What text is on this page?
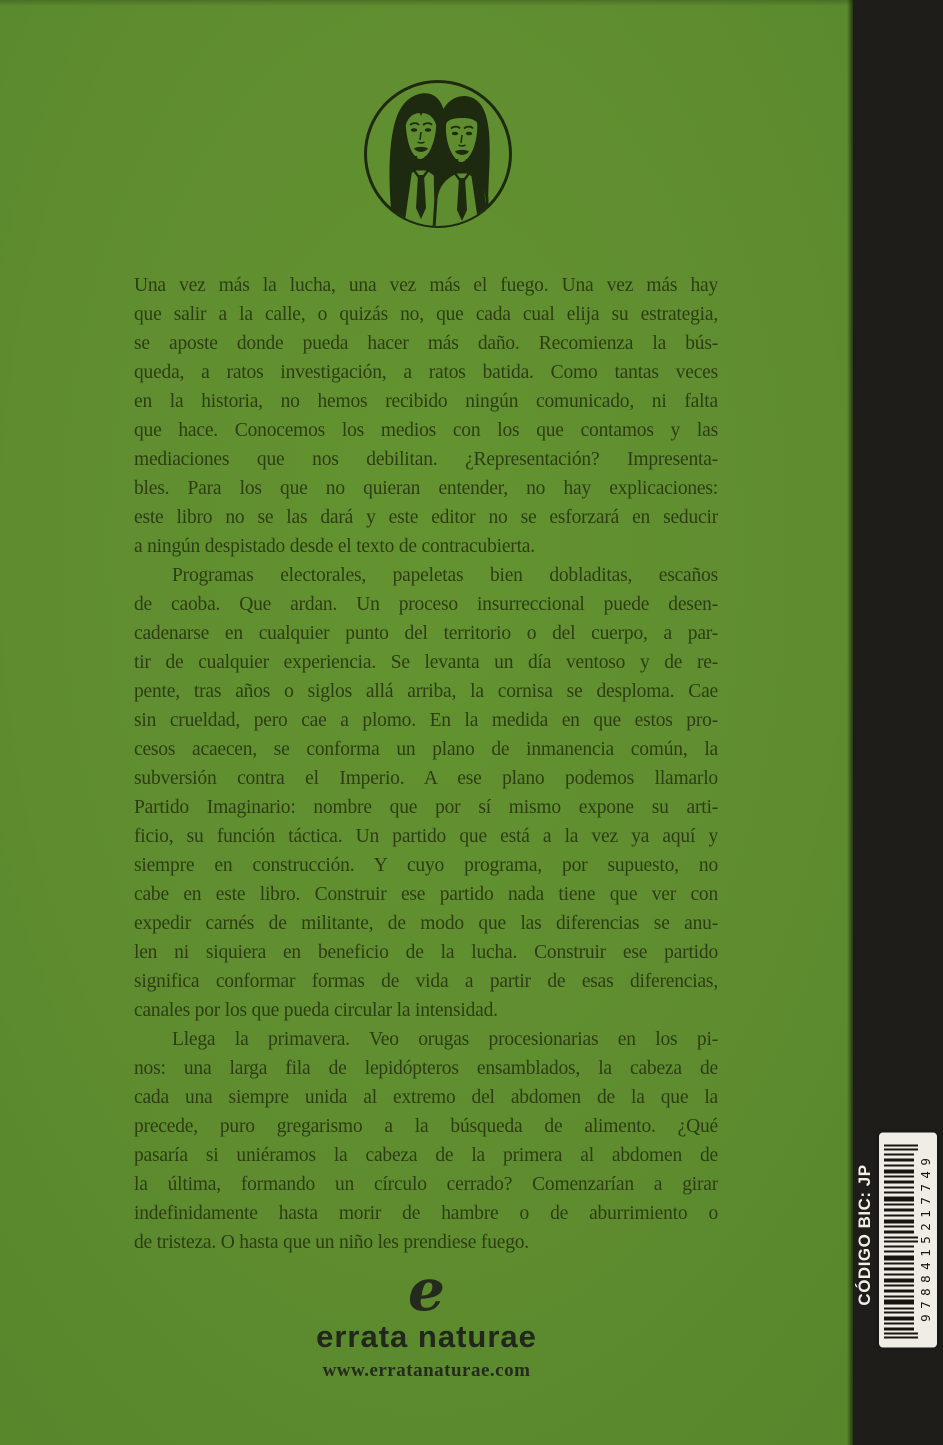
Una vez más la lucha, una vez más el fuego. Una vez más hay
que salir a la calle, o quizás no, que cada cual elija su estrategia,
se aposte donde pueda hacer más daño. Recomienza la bús-
queda, a ratos investigación, a ratos batida. Como tantas veces
en la historia, no hemos recibido ningún comunicado, ni falta
que hace. Conocemos los medios con los que contamos y las
mediaciones que nos debilitan. ¿Representación? Impresenta-
bles. Para los que no quieran entender, no hay explicaciones:
este libro no se las dará y este editor no se esforzará en seducir
a ningún despistado desde el texto de contracubierta.
Programas electorales, papeletas bien dobladitas, escaños
de caoba. Que ardan. Un proceso insurreccional puede desen-
cadenarse en cualquier punto del territorio o del cuerpo, a par-
tir de cualquier experiencia. Se levanta un día ventoso y de re-
pente, tras años o siglos allá arriba, la cornisa se desploma. Cae
sin crueldad, pero cae a plomo. En la medida en que estos pro-
cesos acaecen, se conforma un plano de inmanencia común, la
subversión contra el Imperio. A ese plano podemos llamarlo
Partido Imaginario: nombre que por sí mismo expone su arti-
ficio, su función táctica. Un partido que está a la vez ya aquí y
siempre en construcción. Y cuyo programa, por supuesto, no
cabe en este libro. Construir ese partido nada tiene que ver con
expedir carnés de militante, de modo que las diferencias se anu-
len ni siquiera en beneficio de la lucha. Construir ese partido
significa conformar formas de vida a partir de esas diferencias,
canales por los que pueda circular la intensidad.
Llega la primavera. Veo orugas procesionarias en los pi-
nos: una larga fila de lepidópteros ensamblados, la cabeza de
cada una siempre unida al extremo del abdomen de la que la
precede, puro gregarismo a la búsqueda de alimento. ¿Qué
pasaría si uniéramos la cabeza de la primera al abdomen de
la última, formando un círculo cerrado? Comenzarían a girar
indefinidamente hasta morir de hambre o de aburrimiento o
de tristeza. O hasta que un niño les prendiese fuego.
e
errata naturae
www.erratanaturae.com
CÓDIGO BIC: JP	9788415217749
